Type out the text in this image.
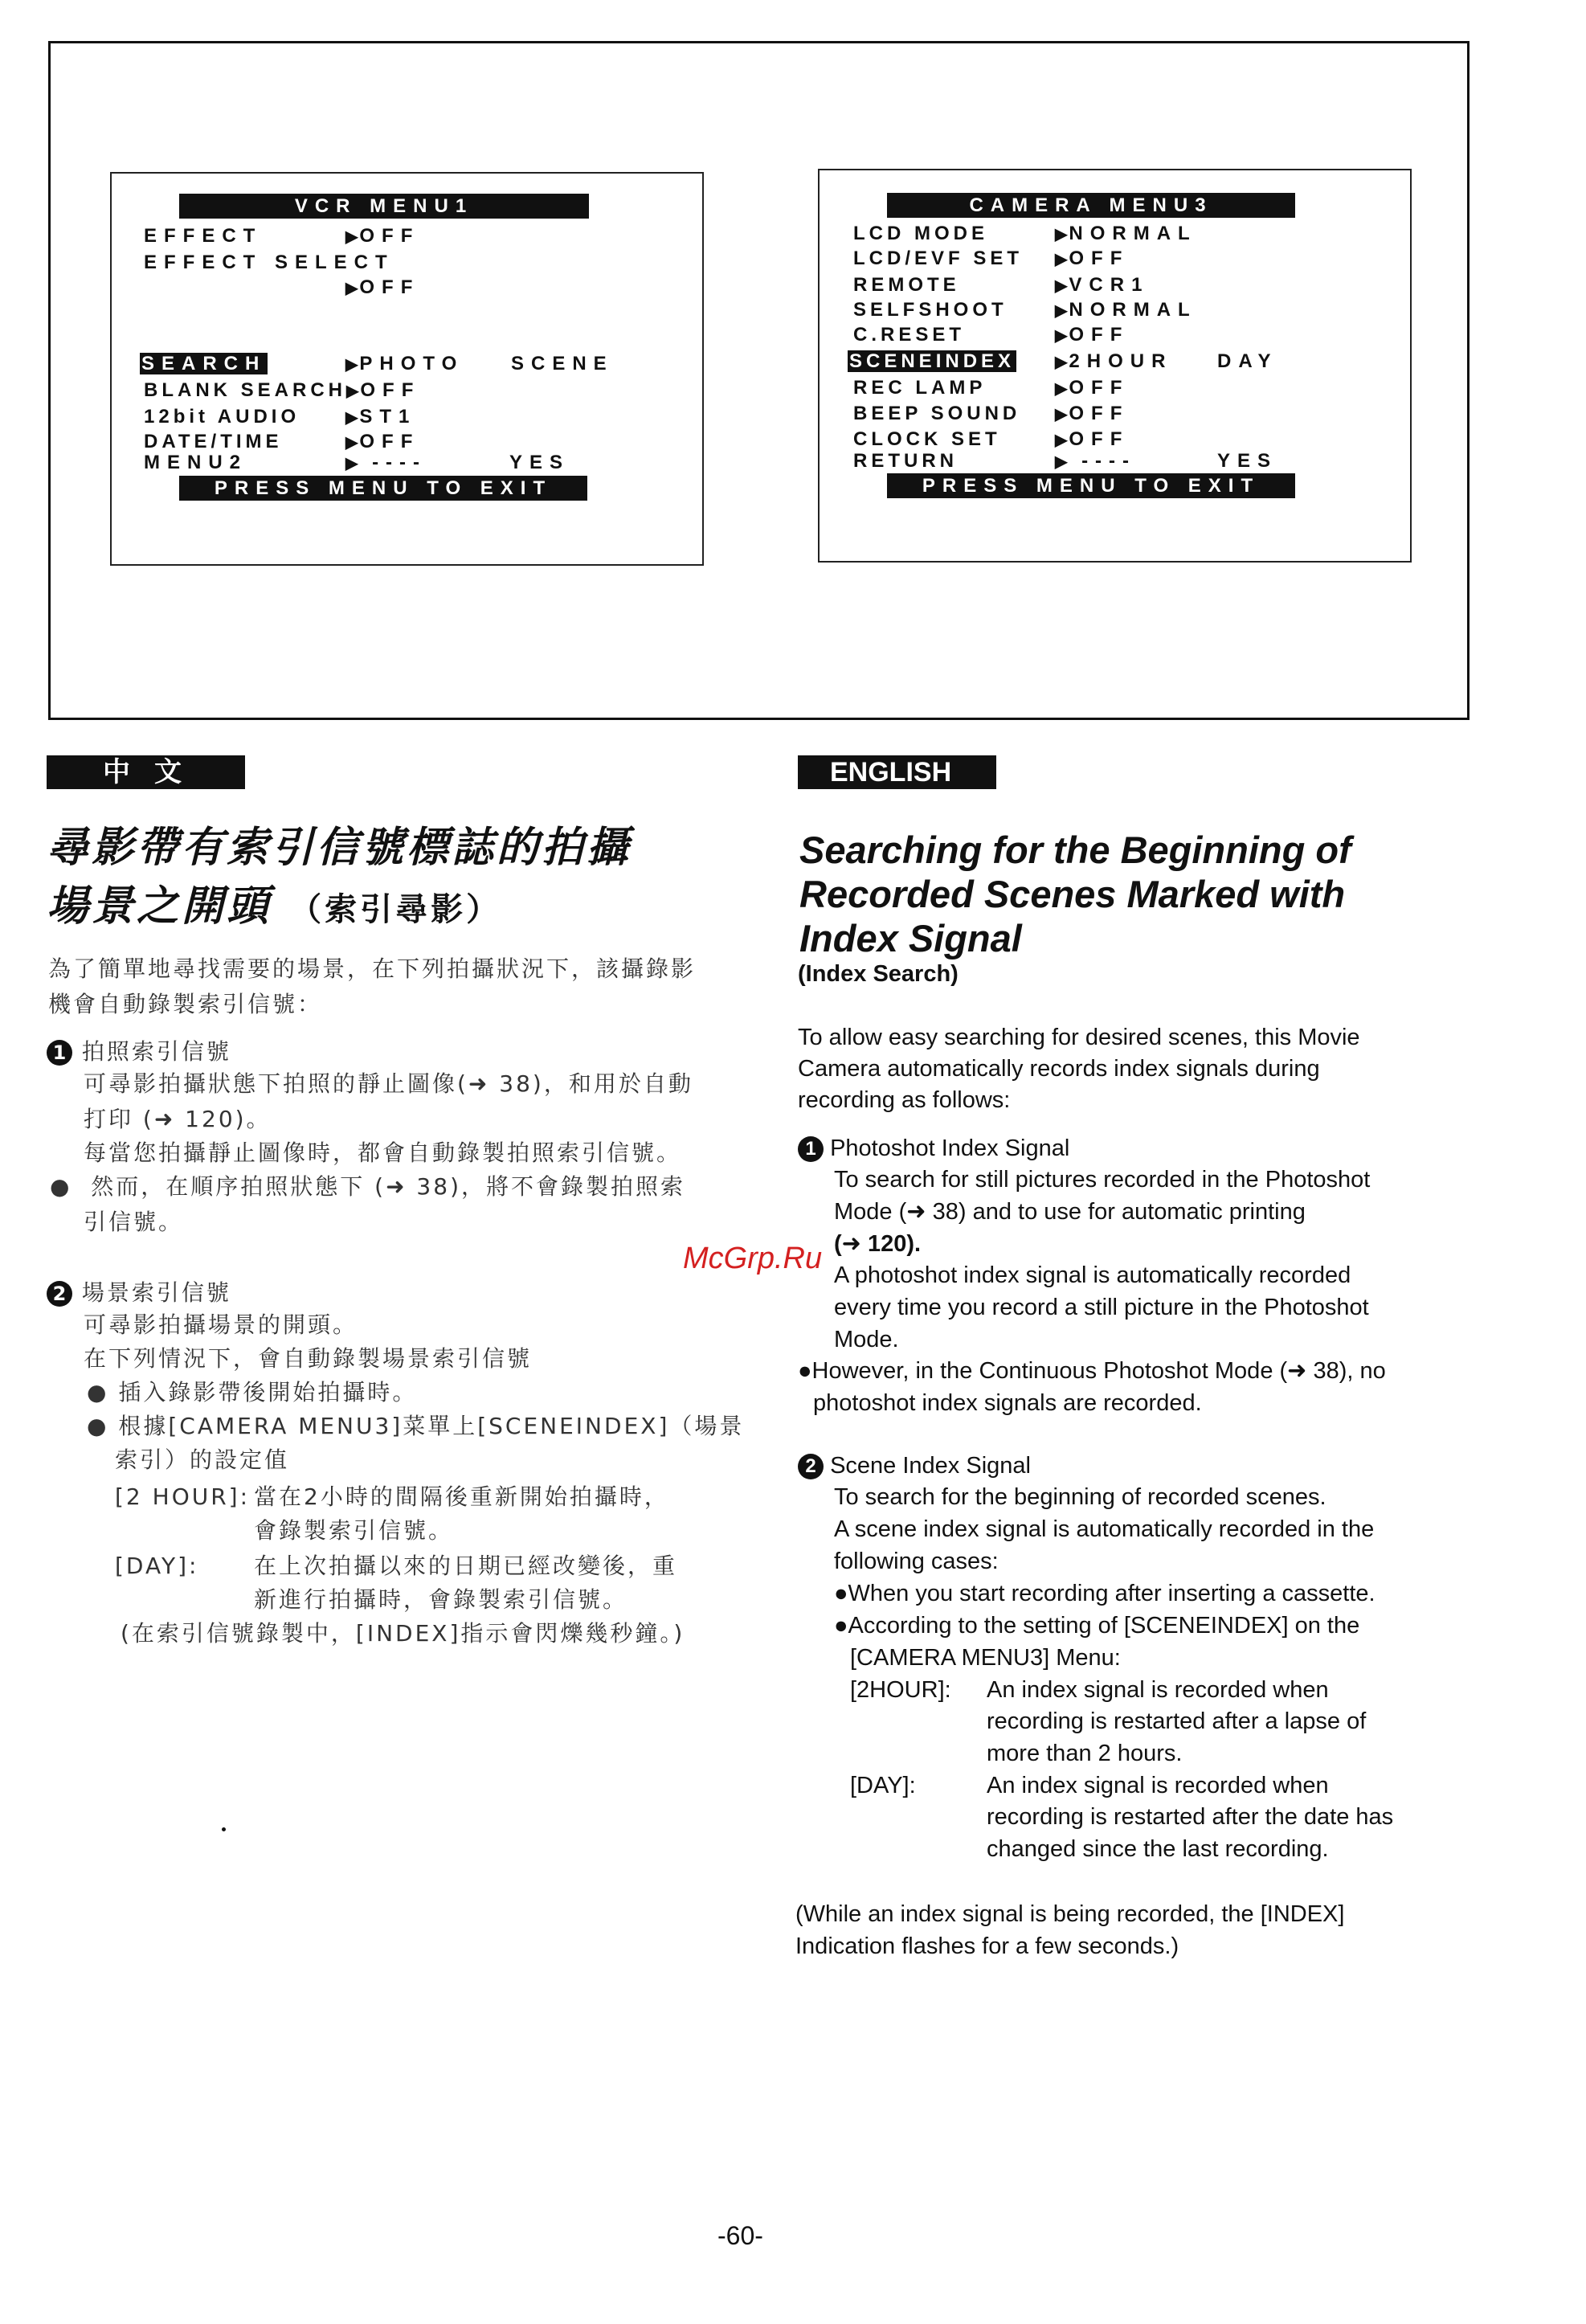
VCR MENU1
EFFECT	▶OFF
EFFECT SELECT
▶OFF
SEARCH	▶PHOTO SCENE
BLANK SEARCH ▶OFF
12bit AUDIO	▶ST1
DATE/TIME	▶OFF
MENU2	▶ ----	YES
PRESS MENU TO EXIT
CAMERA MENU3
LCD MODE	▶NORMAL
LCD/EVF SET	▶OFF
REMOTE	▶VCR1
SELFSHOOT	▶NORMAL
C.RESET	▶OFF
SCENEINDEX	▶2HOUR DAY
REC LAMP	▶OFF
BEEP SOUND	▶OFF
CLOCK SET	▶OFF
RETURN	▶ ----	YES
PRESS MENU TO EXIT
中文	ENGLISH
尋影帶有索引信號標誌的拍攝
場景之開頭 （索引尋影）
為了簡單地尋找需要的場景，在下列拍攝狀況下，該攝錄影
機會自動錄製索引信號：
1 拍照索引信號
可尋影拍攝狀態下拍照的靜止圖像(➜ 38)，和用於自動
打印 (➜ 120)。
每當您拍攝靜止圖像時，都會自動錄製拍照索引信號。
● 然而，在順序拍照狀態下 (➜ 38)，將不會錄製拍照索
引信號。
2 場景索引信號
可尋影拍攝場景的開頭。
在下列情況下，會自動錄製場景索引信號
● 插入錄影帶後開始拍攝時。
● 根據[CAMERA MENU3]菜單上[SCENEINDEX]（場景
索引）的設定值
[2 HOUR]: 當在2小時的間隔後重新開始拍攝時，
會錄製索引信號。
[DAY]: 在上次拍攝以來的日期已經改變後，重
新進行拍攝時，會錄製索引信號。
(在索引信號錄製中，[INDEX]指示會閃爍幾秒鐘。)
Searching for the Beginning of
Recorded Scenes Marked with
Index Signal
(Index Search)
To allow easy searching for desired scenes, this Movie
Camera automatically records index signals during
recording as follows:
1 Photoshot Index Signal
To search for still pictures recorded in the Photoshot
Mode (➜ 38) and to use for automatic printing
(➜ 120).
A photoshot index signal is automatically recorded
every time you record a still picture in the Photoshot
Mode.
●However, in the Continuous Photoshot Mode (➜ 38), no
photoshot index signals are recorded.
2 Scene Index Signal
To search for the beginning of recorded scenes.
A scene index signal is automatically recorded in the
following cases:
●When you start recording after inserting a cassette.
●According to the setting of [SCENEINDEX] on the
[CAMERA MENU3] Menu:
[2HOUR]: An index signal is recorded when
recording is restarted after a lapse of
more than 2 hours.
[DAY]:	An index signal is recorded when
recording is restarted after the date has
changed since the last recording.
(While an index signal is being recorded, the [INDEX]
Indication flashes for a few seconds.)
McGrp.Ru
-60-
